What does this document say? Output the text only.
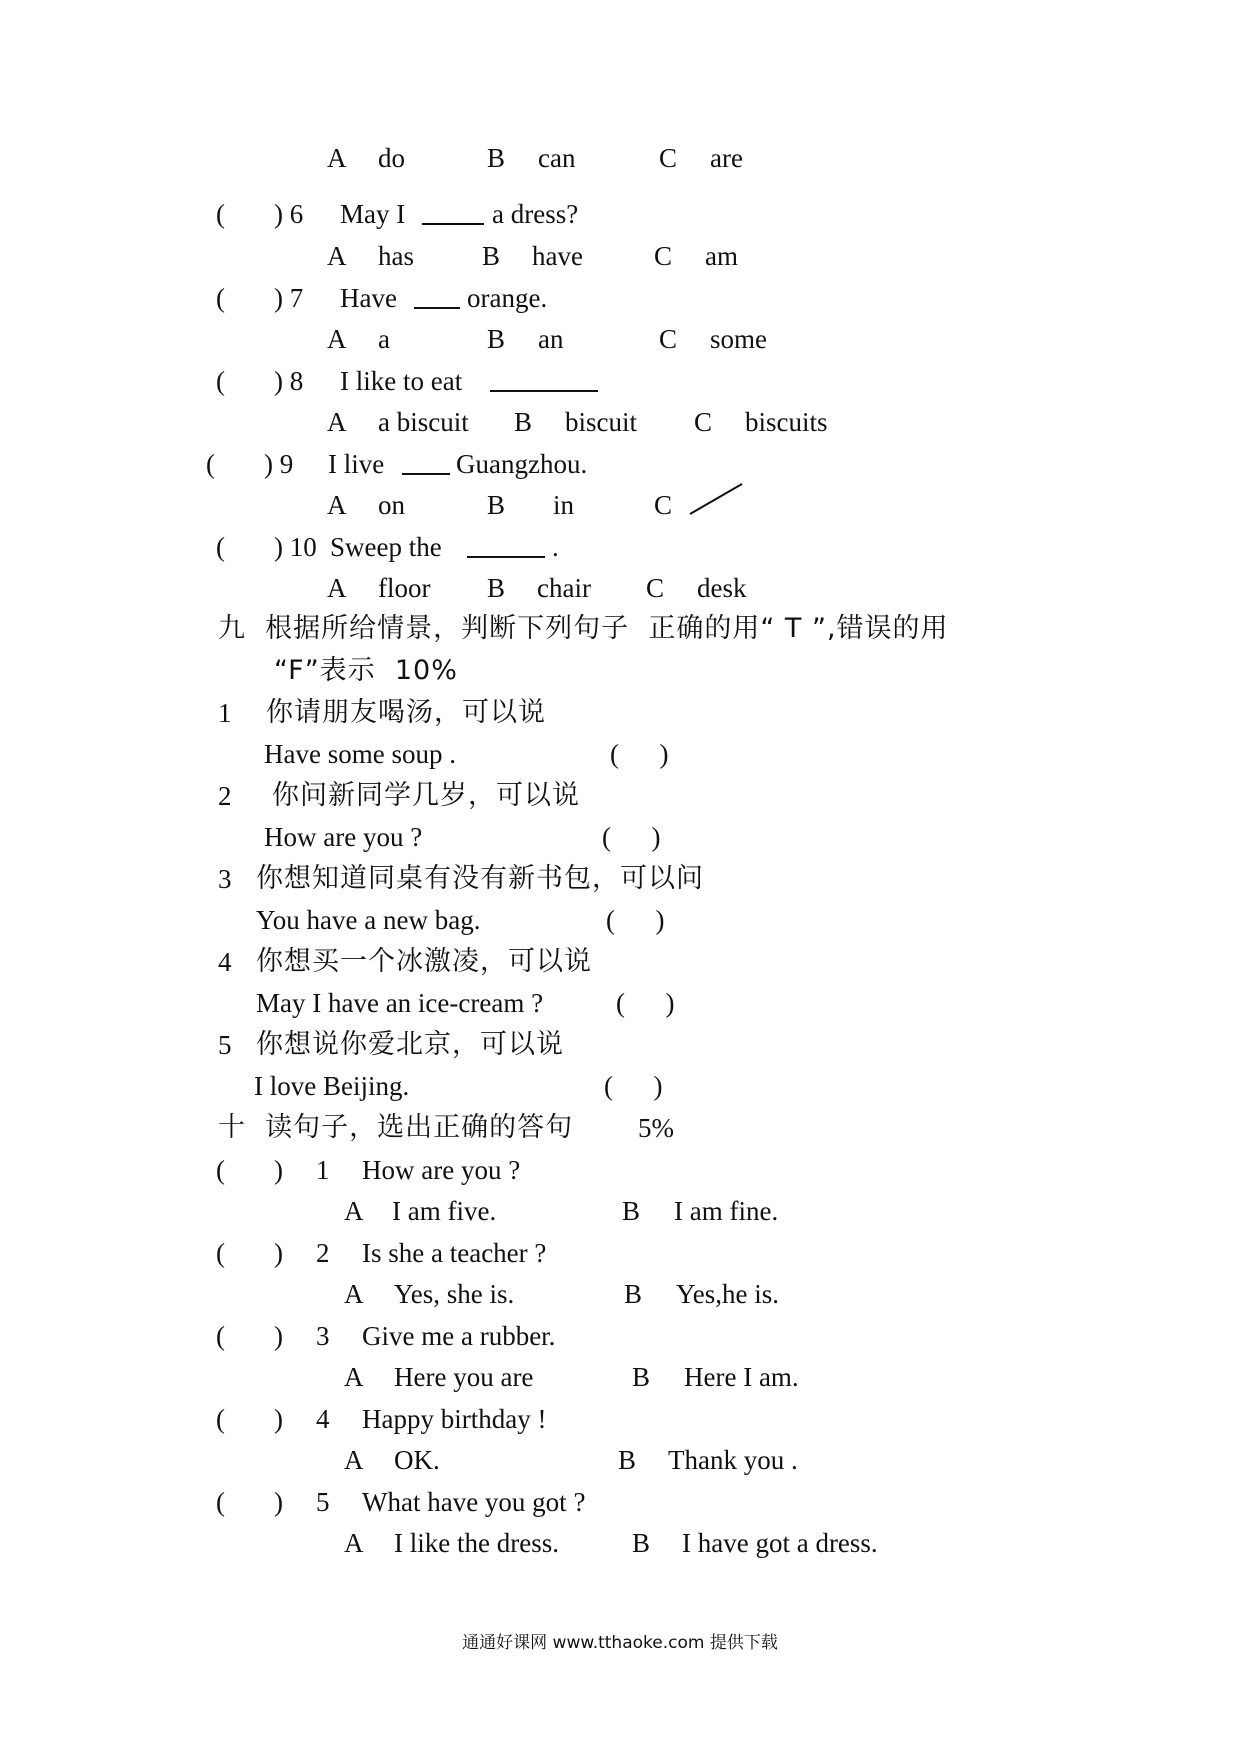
A

do

	B

can

	C

are

(

) 6

May I

	a dress?

A

has

	B

have

	C

am

(

) 7

Have

	orange.

A

a

	B

an

	C

some

(

) 8

I like to eat

A

a biscuit

B

biscuit

C

biscuits

(

) 9

I live

	Guangzhou.

A

on

	B

in

	C

(

) 10

Sweep the

	.

A

floor

B

chair

C

desk

九  根据所给情景，判断下列句子  正确的用“ T ”,错误的用
“F”表示  10%

1

你请朋友喝汤，可以说

Have some soup .

	(      )

2

你问新同学几岁，可以说

How are you ?

	(      )

3

你想知道同桌有没有新书包，可以问

You have a new bag.

	(      )

4

你想买一个冰激凌，可以说

May I have an ice-cream ?

	(      )

5

你想说你爱北京，可以说

I love Beijing.

	(      )

十  读句子，选出正确的答句

5%

(

)

1

How are you ?

A

I am five.

	B

I am fine.

(

)

2

Is she a teacher ?

A

Yes, she is.

	B

Yes,he is.

(

)

3

Give me a rubber.

A

Here you are

	B

Here I am.

(

)

4

Happy birthday !

A

OK.

	B

Thank you .

(

)

5

What have you got ?

A

I like the dress.

	B

I have got a dress.

通通好课网 www.tthaoke.com 提供下载
